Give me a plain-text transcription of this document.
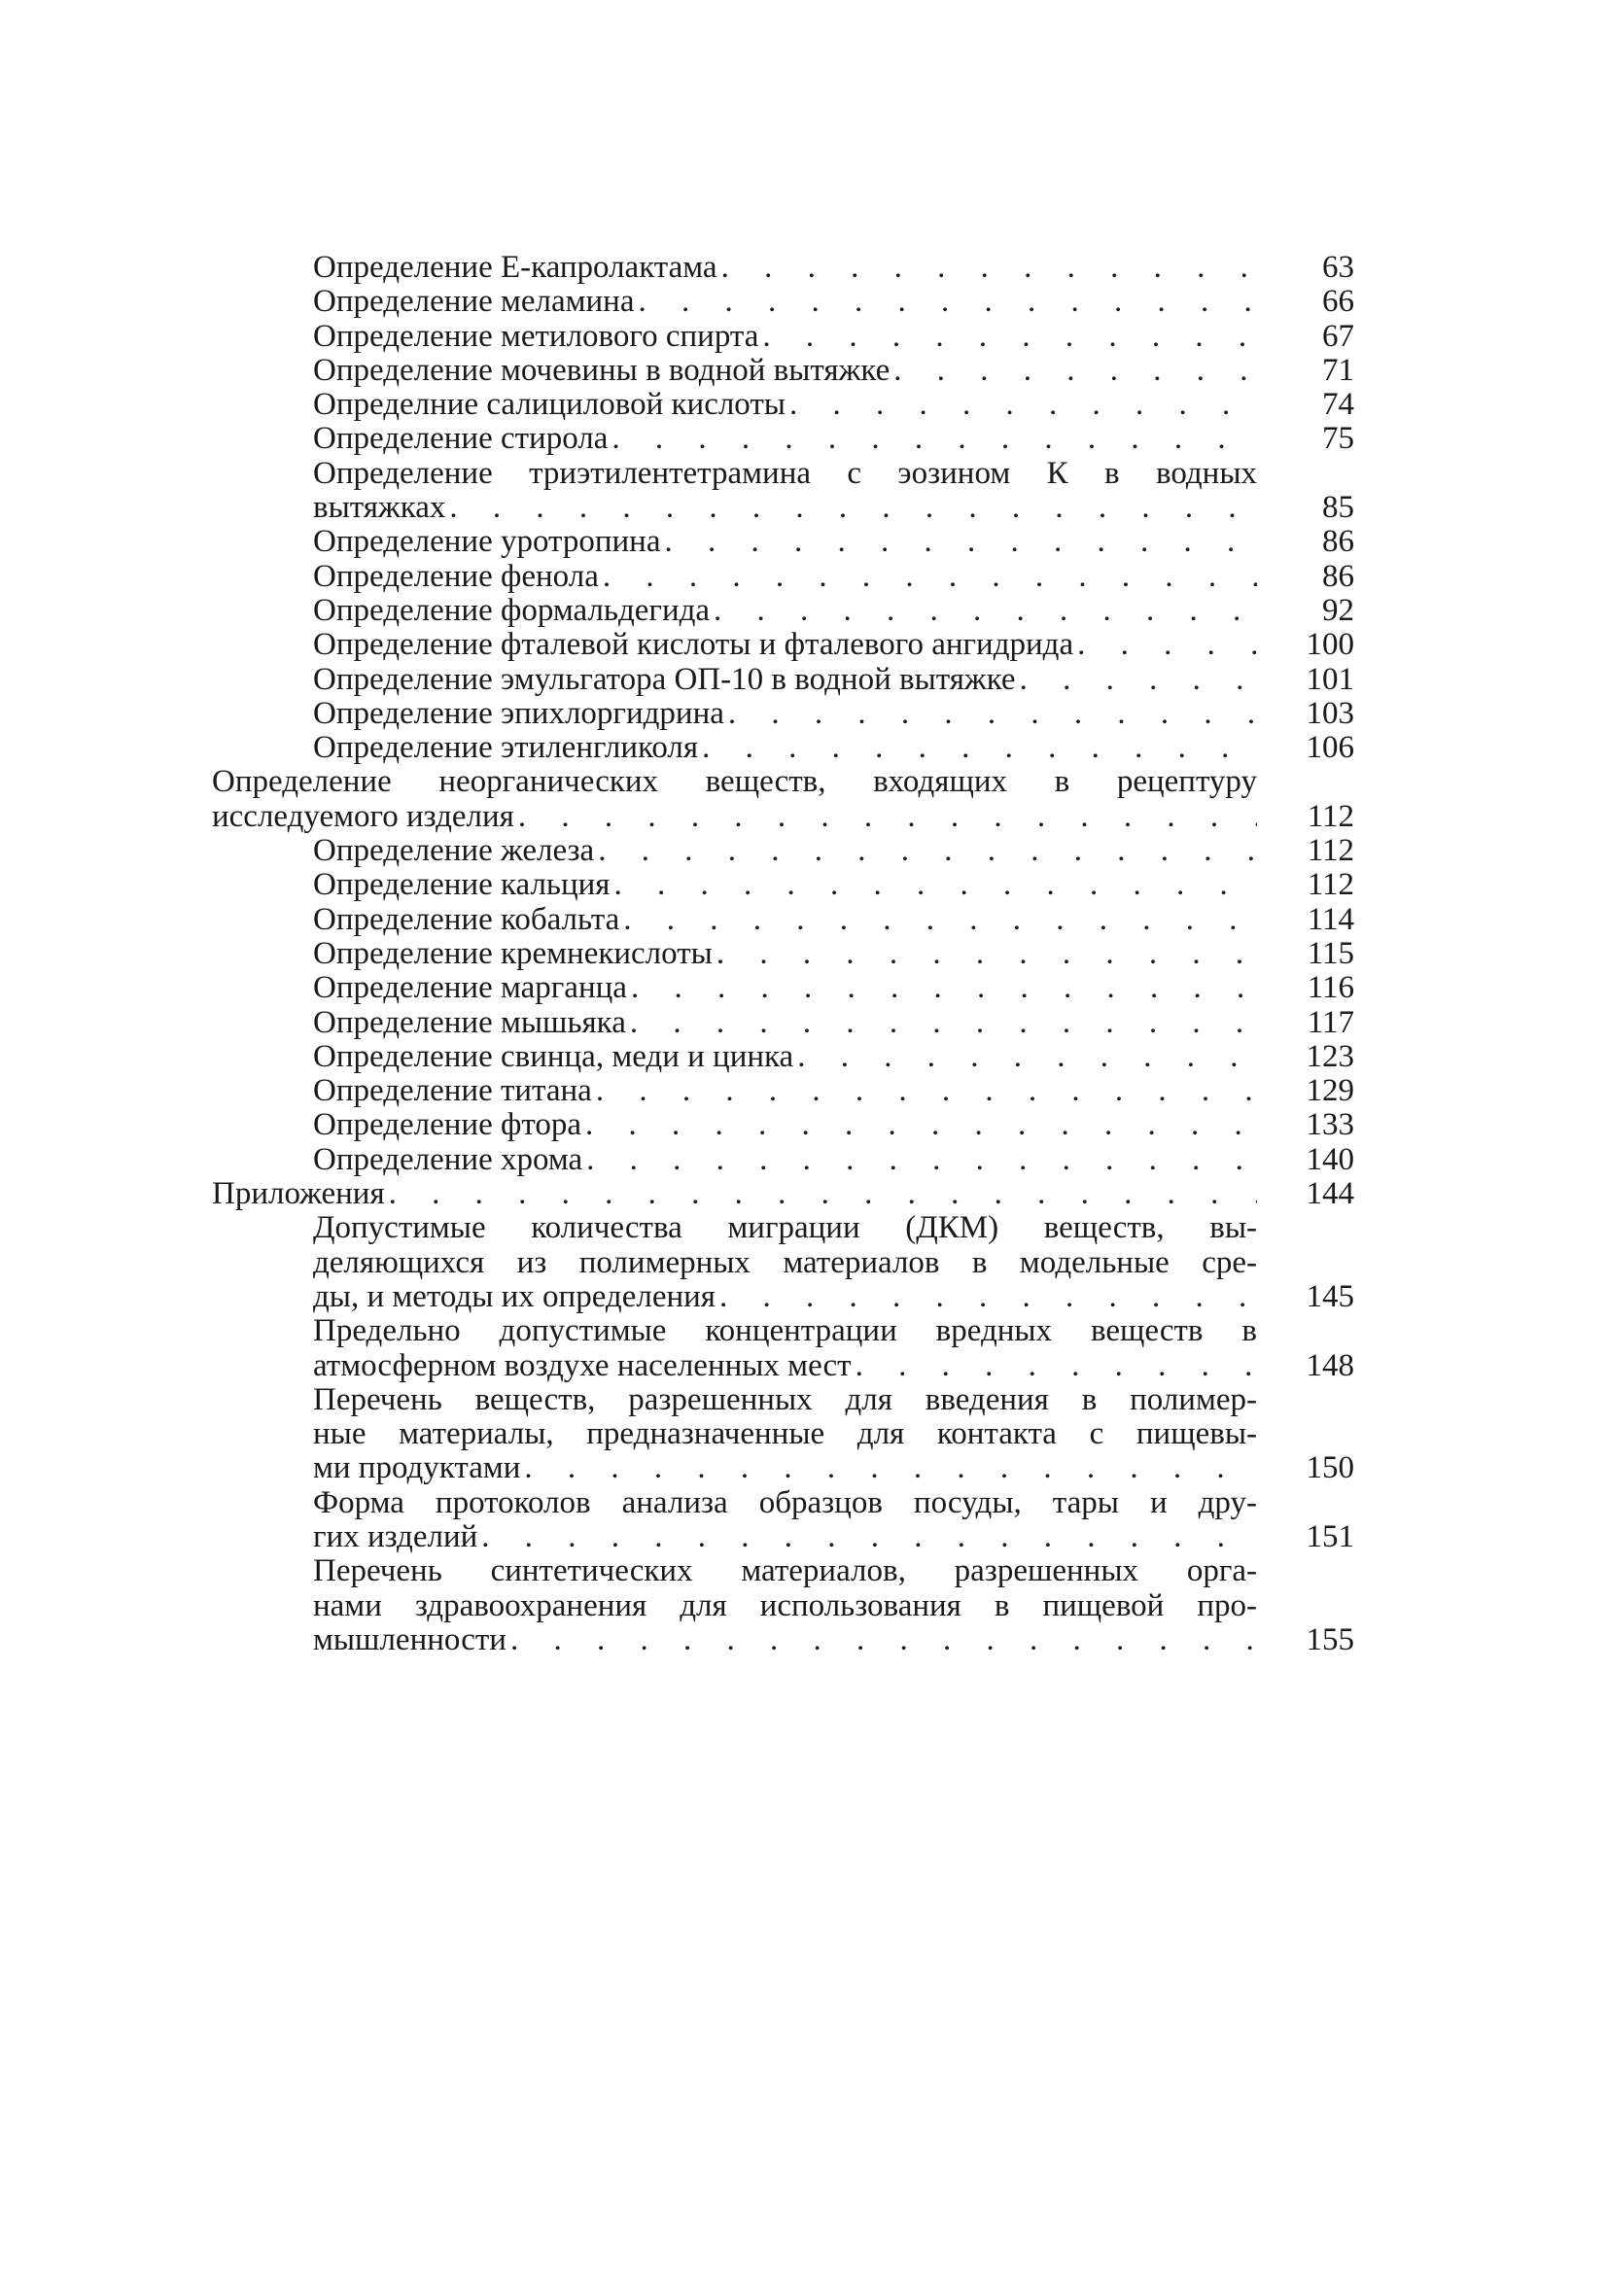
Определение Е-капролактама . . .	63
Определение меламина . . .	66
Определение метилового спирта . . .	67
Определение мочевины в водной вытяжке . . .	71
Определние салициловой кислоты . . .	74
Определение стирола . . .	75
Определение триэтилентетрамина с эозином К в водных
вытяжках . . .	85
Определение уротропина . . .	86
Определение фенола . . .	86
Определение формальдегида . . .	92
Определение фталевой кислоты и фталевого ангидрида . . .	100
Определение эмульгатора ОП-10 в водной вытяжке . . .	101
Определение эпихлоргидрина . . .	103
Определение этиленгликоля . . .	106
Определение неорганических веществ, входящих в рецептуру
исследуемого изделия . . .	112
Определение железа . . .	112
Определение кальция . . .	112
Определение кобальта . . .	114
Определение кремнекислоты . . .	115
Определение марганца . . .	116
Определение мышьяка . . .	117
Определение свинца, меди и цинка . . .	123
Определение титана . . .	129
Определение фтора . . .	133
Определение хрома . . .	140
Приложения . . .	144
Допустимые количества миграции (ДКМ) веществ, вы-
деляющихся из полимерных материалов в модельные сре-
ды, и методы их определения . . .	145
Предельно допустимые концентрации вредных веществ в
атмосферном воздухе населенных мест . . .	148
Перечень веществ, разрешенных для введения в полимер-
ные материалы, предназначенные для контакта с пищевы-
ми продуктами . . .	150
Форма протоколов анализа образцов посуды, тары и дру-
гих изделий . . .	151
Перечень синтетических материалов, разрешенных орга-
нами здравоохранения для использования в пищевой про-
мышленности . . .	155
